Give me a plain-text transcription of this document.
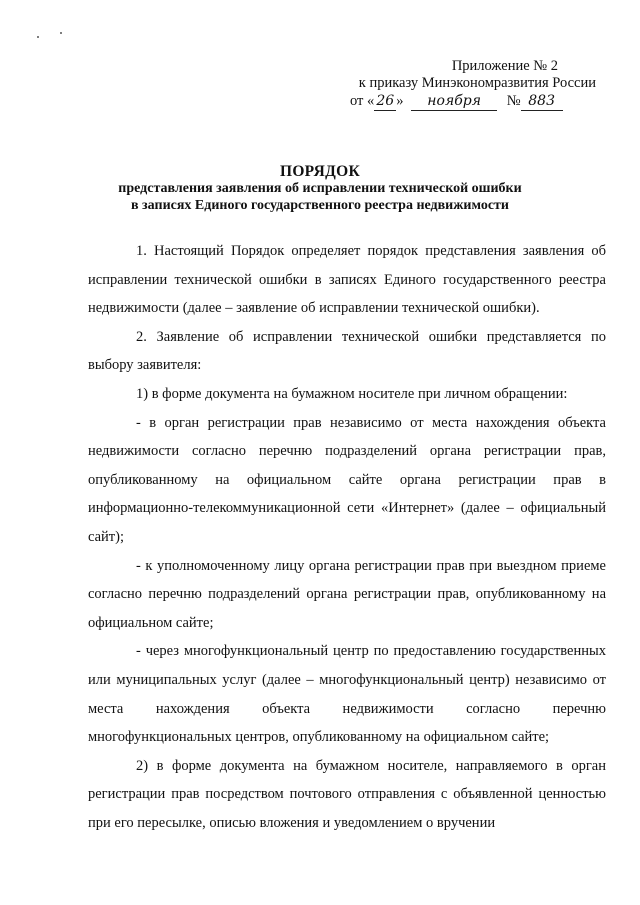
Приложение № 2
к приказу Минэкономразвития России
от « 26 » ноября № 883
ПОРЯДОК
представления заявления об исправлении технической ошибки
в записях Единого государственного реестра недвижимости

1. Настоящий Порядок определяет порядок представления заявления об исправлении технической ошибки в записях Единого государственного реестра недвижимости (далее – заявление об исправлении технической ошибки).

2. Заявление об исправлении технической ошибки представляется по выбору заявителя:

1) в форме документа на бумажном носителе при личном обращении:

- в орган регистрации прав независимо от места нахождения объекта недвижимости согласно перечню подразделений органа регистрации прав, опубликованному на официальном сайте органа регистрации прав в информационно-телекоммуникационной сети «Интернет» (далее – официальный сайт);

- к уполномоченному лицу органа регистрации прав при выездном приеме согласно перечню подразделений органа регистрации прав, опубликованному на официальном сайте;

- через многофункциональный центр по предоставлению государственных или муниципальных услуг (далее – многофункциональный центр) независимо от места нахождения объекта недвижимости согласно перечню многофункциональных центров, опубликованному на официальном сайте;

2) в форме документа на бумажном носителе, направляемого в орган регистрации прав посредством почтового отправления с объявленной ценностью при его пересылке, описью вложения и уведомлением о вручении
